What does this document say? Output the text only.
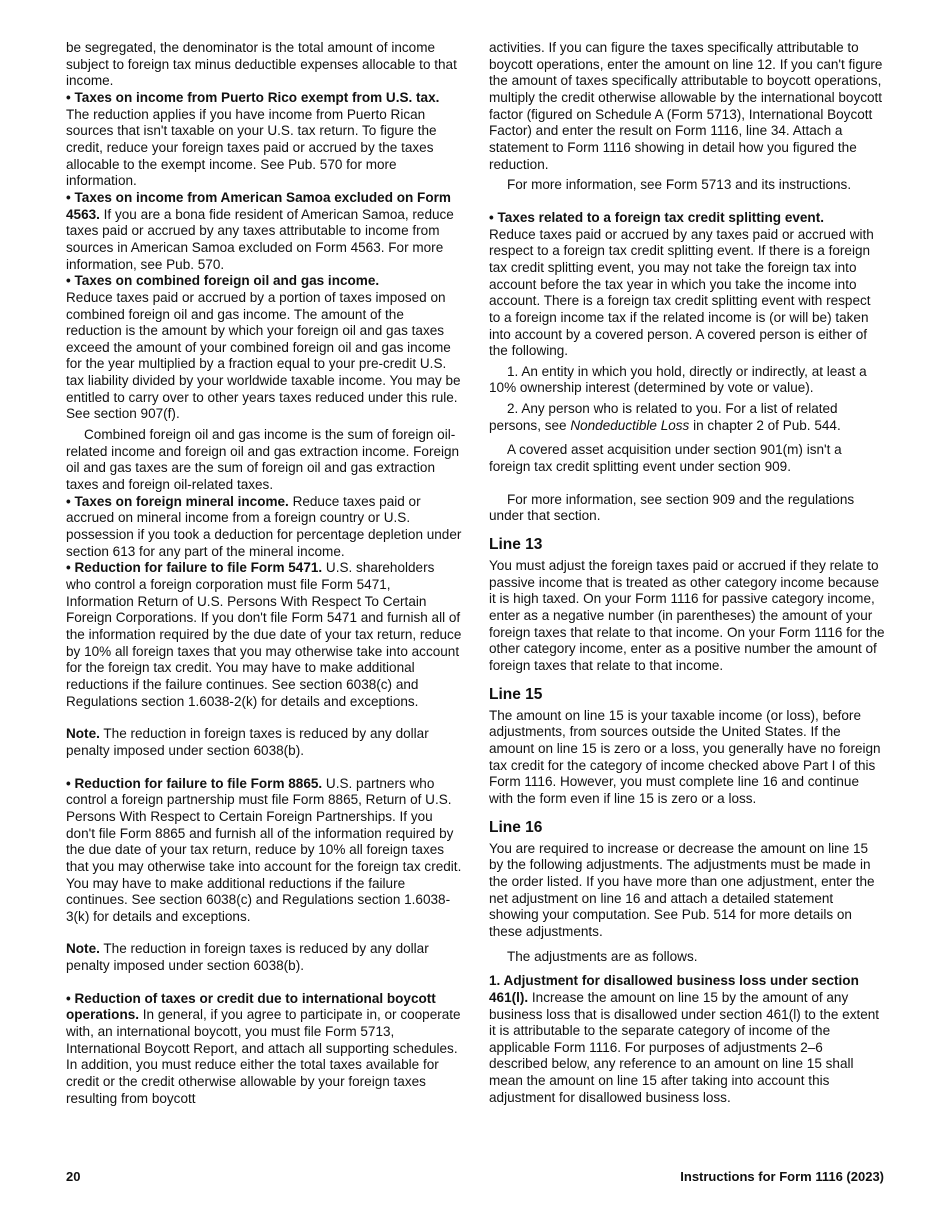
be segregated, the denominator is the total amount of income subject to foreign tax minus deductible expenses allocable to that income.

• Taxes on income from Puerto Rico exempt from U.S. tax. The reduction applies if you have income from Puerto Rican sources that isn't taxable on your U.S. tax return. To figure the credit, reduce your foreign taxes paid or accrued by the taxes allocable to the exempt income. See Pub. 570 for more information.

• Taxes on income from American Samoa excluded on Form 4563. If you are a bona fide resident of American Samoa, reduce taxes paid or accrued by any taxes attributable to income from sources in American Samoa excluded on Form 4563. For more information, see Pub. 570.

• Taxes on combined foreign oil and gas income.
Reduce taxes paid or accrued by a portion of taxes imposed on combined foreign oil and gas income. The amount of the reduction is the amount by which your foreign oil and gas taxes exceed the amount of your combined foreign oil and gas income for the year multiplied by a fraction equal to your pre-credit U.S. tax liability divided by your worldwide taxable income. You may be entitled to carry over to other years taxes reduced under this rule. See section 907(f).

Combined foreign oil and gas income is the sum of foreign oil-related income and foreign oil and gas extraction income. Foreign oil and gas taxes are the sum of foreign oil and gas extraction taxes and foreign oil-related taxes.

• Taxes on foreign mineral income. Reduce taxes paid or accrued on mineral income from a foreign country or U.S. possession if you took a deduction for percentage depletion under section 613 for any part of the mineral income.

• Reduction for failure to file Form 5471. U.S. shareholders who control a foreign corporation must file Form 5471, Information Return of U.S. Persons With Respect To Certain Foreign Corporations. If you don't file Form 5471 and furnish all of the information required by the due date of your tax return, reduce by 10% all foreign taxes that you may otherwise take into account for the foreign tax credit. You may have to make additional reductions if the failure continues. See section 6038(c) and Regulations section 1.6038-2(k) for details and exceptions.

Note. The reduction in foreign taxes is reduced by any dollar penalty imposed under section 6038(b).

• Reduction for failure to file Form 8865. U.S. partners who control a foreign partnership must file Form 8865, Return of U.S. Persons With Respect to Certain Foreign Partnerships. If you don't file Form 8865 and furnish all of the information required by the due date of your tax return, reduce by 10% all foreign taxes that you may otherwise take into account for the foreign tax credit. You may have to make additional reductions if the failure continues. See section 6038(c) and Regulations section 1.6038-3(k) for details and exceptions.

Note. The reduction in foreign taxes is reduced by any dollar penalty imposed under section 6038(b).

• Reduction of taxes or credit due to international boycott operations. In general, if you agree to participate in, or cooperate with, an international boycott, you must file Form 5713, International Boycott Report, and attach all supporting schedules. In addition, you must reduce either the total taxes available for credit or the credit otherwise allowable by your foreign taxes resulting from boycott

activities. If you can figure the taxes specifically attributable to boycott operations, enter the amount on line 12. If you can't figure the amount of taxes specifically attributable to boycott operations, multiply the credit otherwise allowable by the international boycott factor (figured on Schedule A (Form 5713), International Boycott Factor) and enter the result on Form 1116, line 34. Attach a statement to Form 1116 showing in detail how you figured the reduction.

For more information, see Form 5713 and its instructions.

• Taxes related to a foreign tax credit splitting event.
Reduce taxes paid or accrued by any taxes paid or accrued with respect to a foreign tax credit splitting event. If there is a foreign tax credit splitting event, you may not take the foreign tax into account before the tax year in which you take the income into account. There is a foreign tax credit splitting event with respect to a foreign income tax if the related income is (or will be) taken into account by a covered person. A covered person is either of the following.

1. An entity in which you hold, directly or indirectly, at least a 10% ownership interest (determined by vote or value).

2. Any person who is related to you. For a list of related persons, see Nondeductible Loss in chapter 2 of Pub. 544.

A covered asset acquisition under section 901(m) isn't a foreign tax credit splitting event under section 909.

For more information, see section 909 and the regulations under that section.

Line 13

You must adjust the foreign taxes paid or accrued if they relate to passive income that is treated as other category income because it is high taxed. On your Form 1116 for passive category income, enter as a negative number (in parentheses) the amount of your foreign taxes that relate to that income. On your Form 1116 for the other category income, enter as a positive number the amount of foreign taxes that relate to that income.

Line 15

The amount on line 15 is your taxable income (or loss), before adjustments, from sources outside the United States. If the amount on line 15 is zero or a loss, you generally have no foreign tax credit for the category of income checked above Part I of this Form 1116. However, you must complete line 16 and continue with the form even if line 15 is zero or a loss.

Line 16

You are required to increase or decrease the amount on line 15 by the following adjustments. The adjustments must be made in the order listed. If you have more than one adjustment, enter the net adjustment on line 16 and attach a detailed statement showing your computation. See Pub. 514 for more details on these adjustments.

The adjustments are as follows.

1. Adjustment for disallowed business loss under section 461(l). Increase the amount on line 15 by the amount of any business loss that is disallowed under section 461(l) to the extent it is attributable to the separate category of income of the applicable Form 1116. For purposes of adjustments 2–6 described below, any reference to an amount on line 15 shall mean the amount on line 15 after taking into account this adjustment for disallowed business loss.

20	Instructions for Form 1116 (2023)
